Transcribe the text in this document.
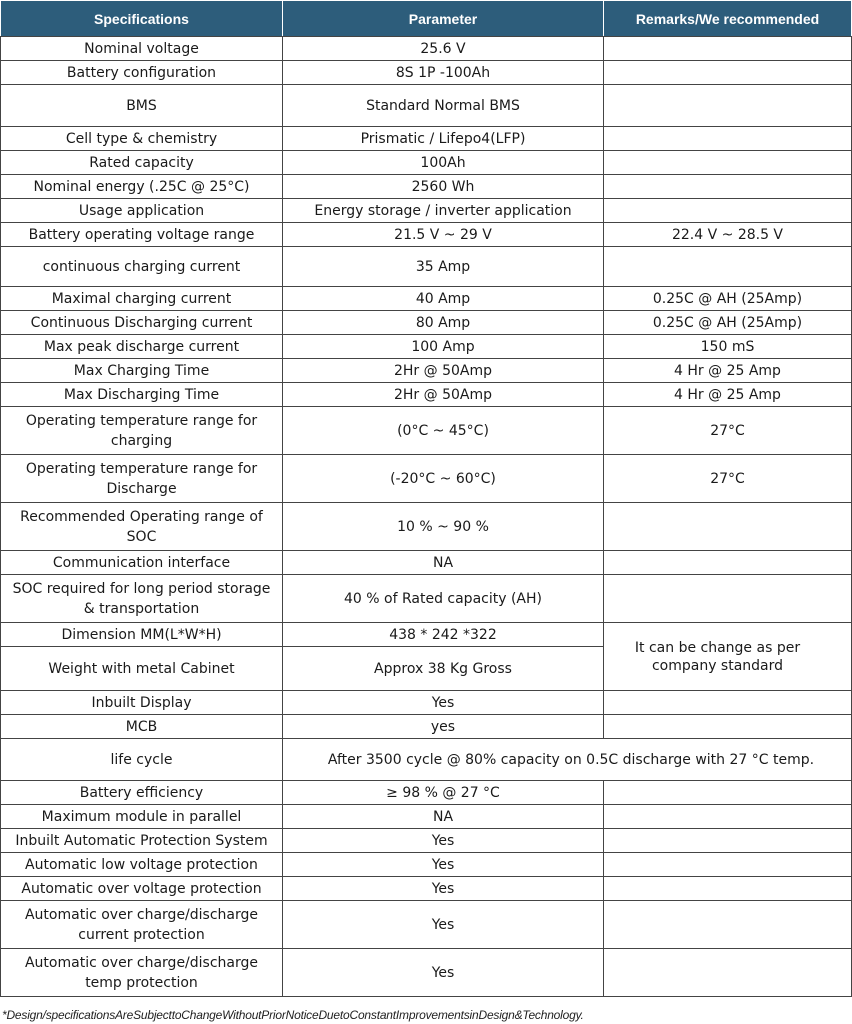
Specifications	Parameter	Remarks/We recommended
Nominal voltage	25.6 V	
Battery configuration	8S 1P -100Ah	
BMS	Standard Normal BMS	
Cell type & chemistry	Prismatic / Lifepo4(LFP)	
Rated capacity	100Ah	
Nominal energy (.25C @ 25°C)	2560 Wh	
Usage application	Energy storage / inverter application	
Battery operating voltage range	21.5 V ~ 29 V	22.4 V ~ 28.5 V
continuous charging current	35 Amp	
Maximal charging current	40 Amp	0.25C @ AH (25Amp)
Continuous Discharging current	80 Amp	0.25C @ AH (25Amp)
Max peak discharge current	100 Amp	150 mS
Max Charging Time	2Hr @ 50Amp	4 Hr @ 25 Amp
Max Discharging Time	2Hr @ 50Amp	4 Hr @ 25 Amp
Operating temperature range for charging	(0°C ~ 45°C)	27°C
Operating temperature range for Discharge	(-20°C ~ 60°C)	27°C
Recommended Operating range of SOC	10 % ~ 90 %	
Communication interface	NA	
SOC required for long period storage & transportation	40 % of Rated capacity (AH)	
Dimension MM(L*W*H)	438 * 242 *322	It can be change as per company standard
Weight with metal Cabinet	Approx 38 Kg Gross	
Inbuilt Display	Yes	
MCB	yes	
life cycle	After 3500 cycle @ 80% capacity on 0.5C discharge with 27 °C temp.	
Battery efficiency	≥ 98 % @ 27 °C	
Maximum module in parallel	NA	
Inbuilt Automatic Protection System	Yes	
Automatic low voltage protection	Yes	
Automatic over voltage protection	Yes	
Automatic over charge/discharge current protection	Yes	
Automatic over charge/discharge temp protection	Yes	
*Design/specificationsAreSubjecttoChangeWithoutPriorNoticeDuetoConstantImprovementsinDesign&Technology.
